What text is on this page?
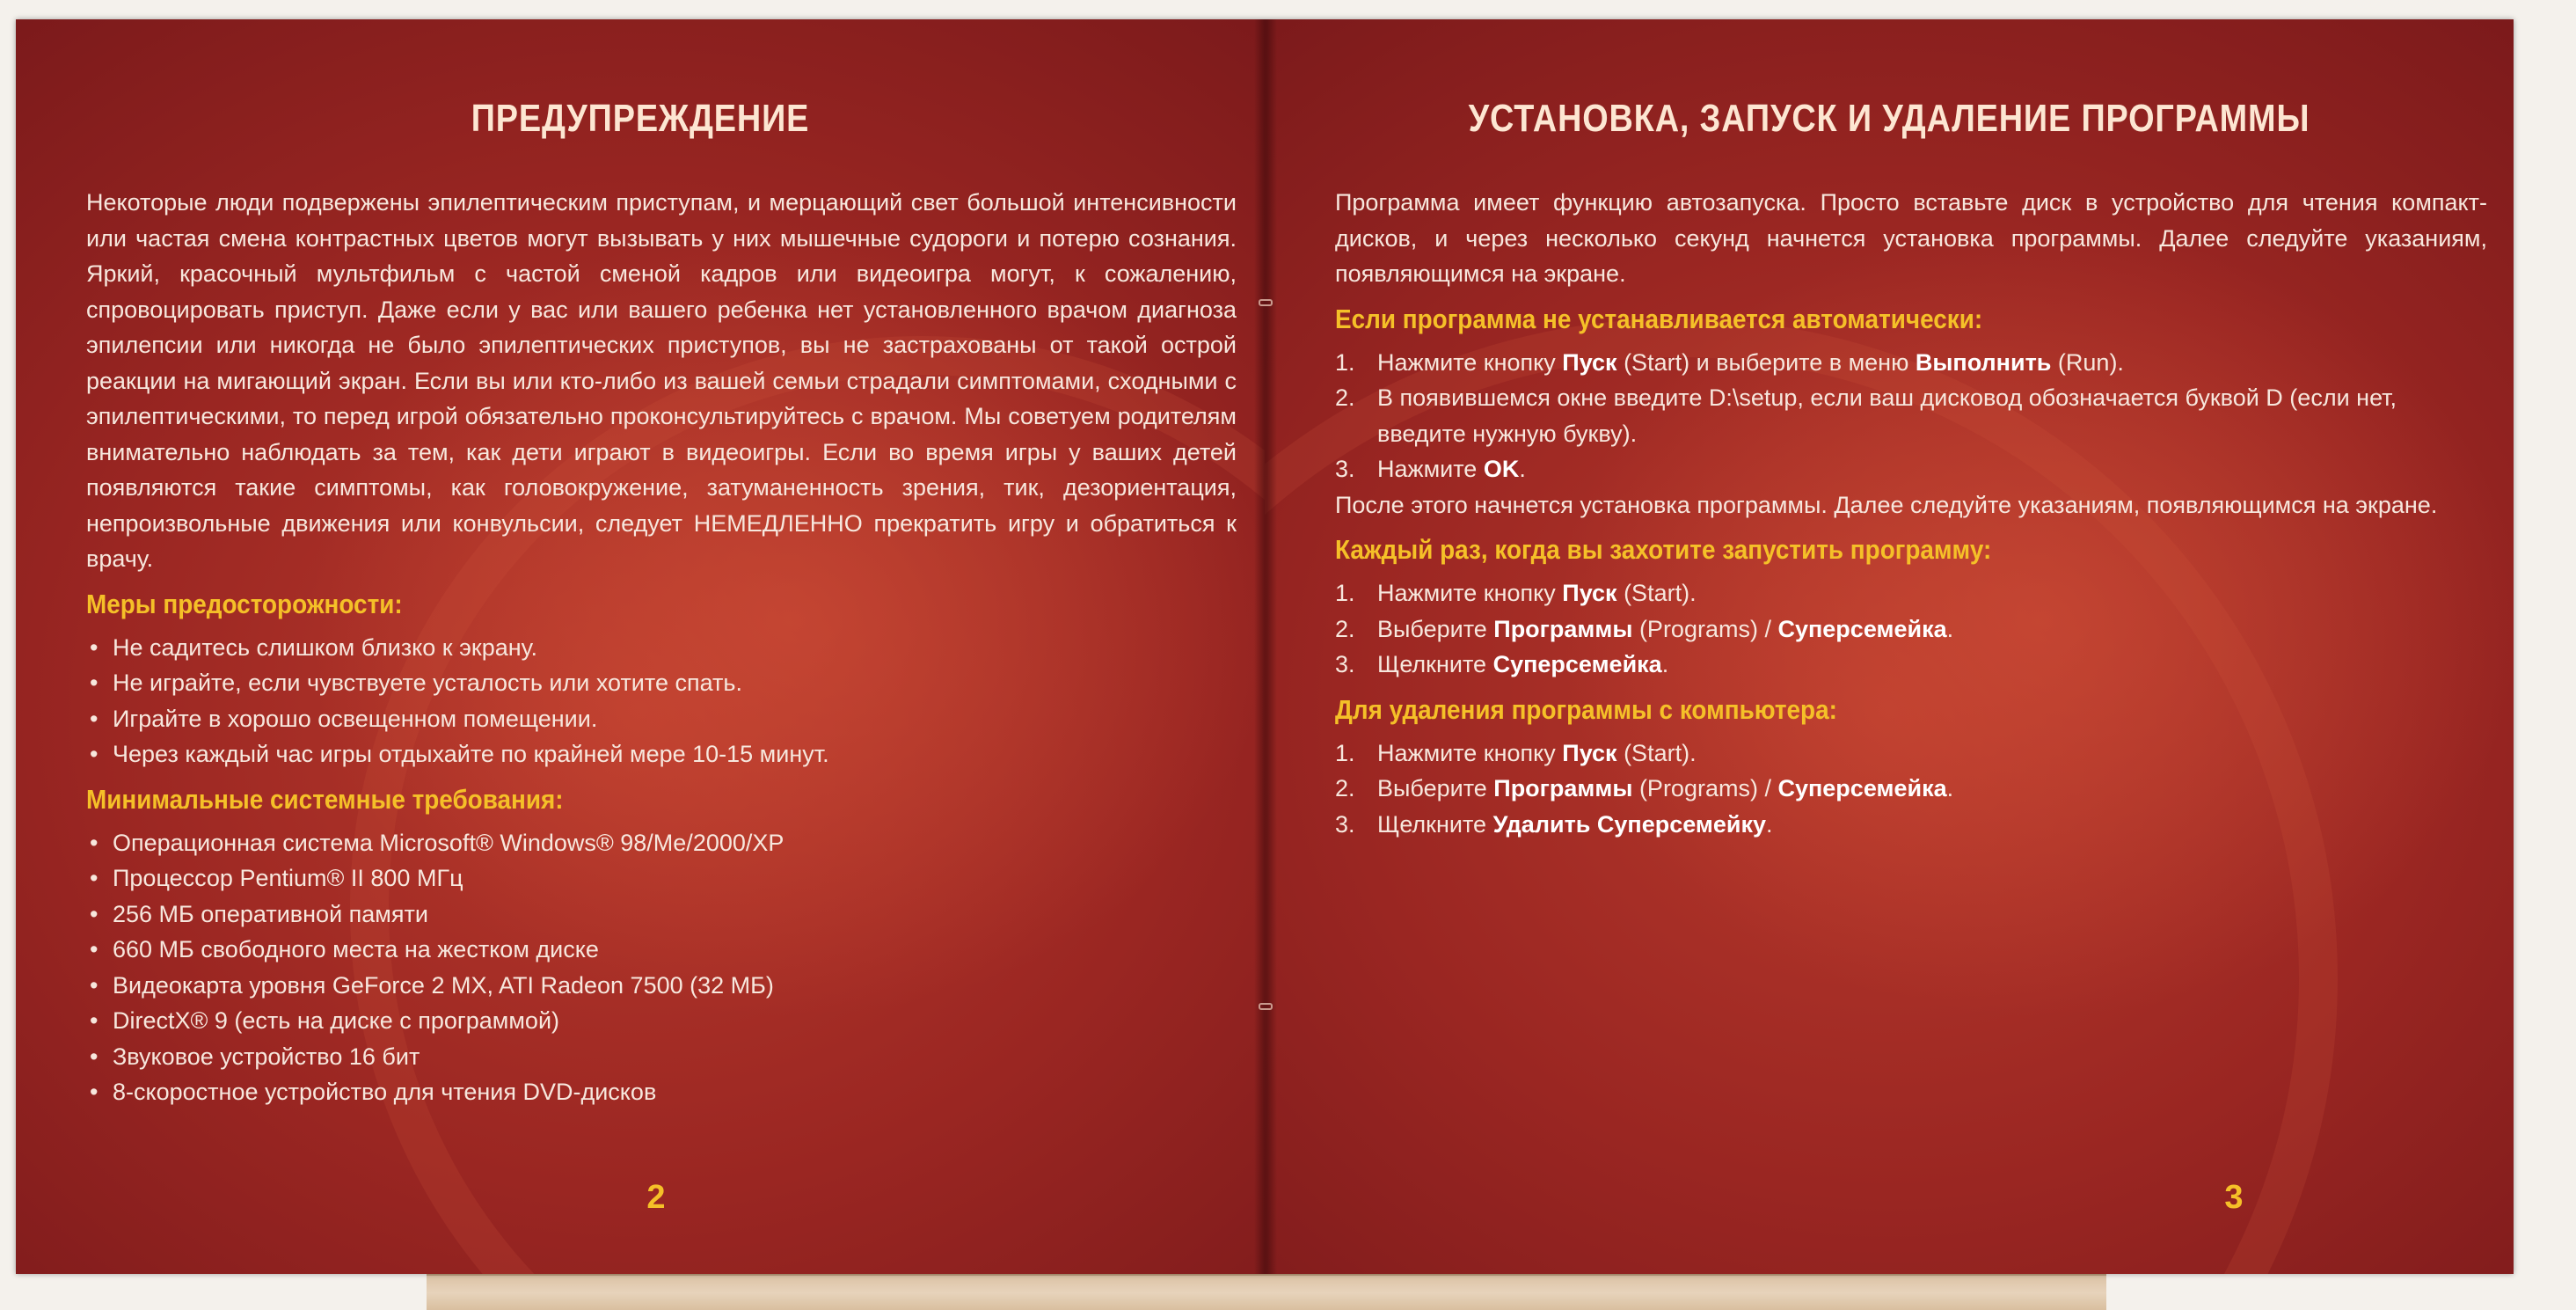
ПРЕДУПРЕЖДЕНИЕ

Некоторые люди подвержены эпилептическим приступам, и мерцающий свет большой интенсивности или частая смена контрастных цветов могут вызывать у них мышечные судороги и потерю сознания. Яркий, красочный мультфильм с частой сменой кадров или видеоигра могут, к сожалению, спровоцировать приступ. Даже если у вас или вашего ребенка нет установленного врачом диагноза эпилепсии или никогда не было эпилептических приступов, вы не застрахованы от такой острой реакции на мигающий экран. Если вы или кто-либо из вашей семьи страдали симптомами, сходными с эпилептическими, то перед игрой обязательно проконсультируйтесь с врачом. Мы советуем родителям внимательно наблюдать за тем, как дети играют в видеоигры. Если во время игры у ваших детей появляются такие симптомы, как головокружение, затуманенность зрения, тик, дезориентация, непроизвольные движения или конвульсии, следует НЕМЕДЛЕННО прекратить игру и обратиться к врачу.

Меры предосторожности:
• Не садитесь слишком близко к экрану.
• Не играйте, если чувствуете усталость или хотите спать.
• Играйте в хорошо освещенном помещении.
• Через каждый час игры отдыхайте по крайней мере 10-15 минут.
Минимальные системные требования:
• Операционная система Microsoft® Windows® 98/Me/2000/XP
• Процессор Pentium® II 800 МГц
• 256 МБ оперативной памяти
• 660 МБ свободного места на жестком диске
• Видеокарта уровня GeForce 2 MX, ATI Radeon 7500 (32 МБ)
• DirectX® 9 (есть на диске с программой)
• Звуковое устройство 16 бит
• 8-скоростное устройство для чтения DVD-дисков
2
УСТАНОВКА, ЗАПУСК И УДАЛЕНИЕ ПРОГРАММЫ

Программа имеет функцию автозапуска. Просто вставьте диск в устройство для чтения компакт-дисков, и через несколько секунд начнется установка программы. Далее следуйте указаниям, появляющимся на экране.

Если программа не устанавливается автоматически:
1. Нажмите кнопку Пуск (Start) и выберите в меню Выполнить (Run).
2. В появившемся окне введите D:\setup, если ваш дисковод обозначается буквой D (если нет, введите нужную букву).
3. Нажмите OK.

После этого начнется установка программы. Далее следуйте указаниям, появляющимся на экране.

Каждый раз, когда вы захотите запустить программу:
1. Нажмите кнопку Пуск (Start).
2. Выберите Программы (Programs) / Суперсемейка.
3. Щелкните Суперсемейка.
Для удаления программы с компьютера:
1. Нажмите кнопку Пуск (Start).
2. Выберите Программы (Programs) / Суперсемейка.
3. Щелкните Удалить Суперсемейку.
3
